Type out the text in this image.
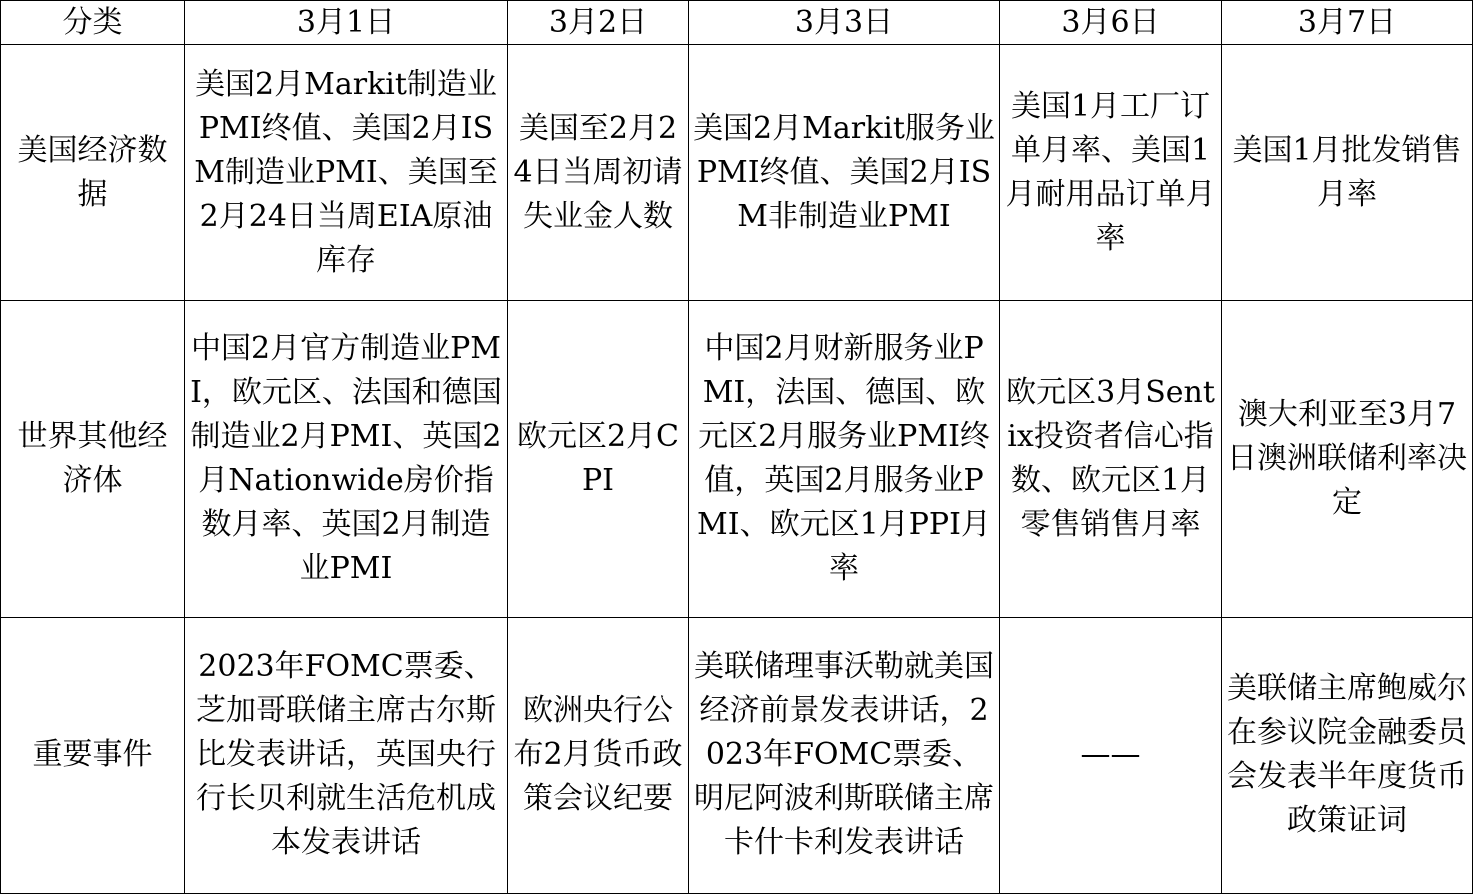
分类	3月1日	3月2日	3月3日	3月6日	3月7日
美国经济数据	美国2月Markit制造业PMI终值、美国2月ISM制造业PMI、美国至2月24日当周EIA原油库存	美国至2月24日当周初请失业金人数	美国2月Markit服务业PMI终值、美国2月ISM非制造业PMI	美国1月工厂订单月率、美国1月耐用品订单月率	美国1月批发销售月率
世界其他经济体	中国2月官方制造业PMI，欧元区、法国和德国制造业2月PMI、英国2月Nationwide房价指数月率、英国2月制造业PMI	欧元区2月CPI	中国2月财新服务业PMI，法国、德国、欧元区2月服务业PMI终值，英国2月服务业PMI、欧元区1月PPI月率	欧元区3月Sentix投资者信心指数、欧元区1月零售销售月率	澳大利亚至3月7日澳洲联储利率决定
重要事件	2023年FOMC票委、芝加哥联储主席古尔斯比发表讲话，英国央行行长贝利就生活危机成本发表讲话	欧洲央行公布2月货币政策会议纪要	美联储理事沃勒就美国经济前景发表讲话，2023年FOMC票委、明尼阿波利斯联储主席卡什卡利发表讲话	——	美联储主席鲍威尔在参议院金融委员会发表半年度货币政策证词
